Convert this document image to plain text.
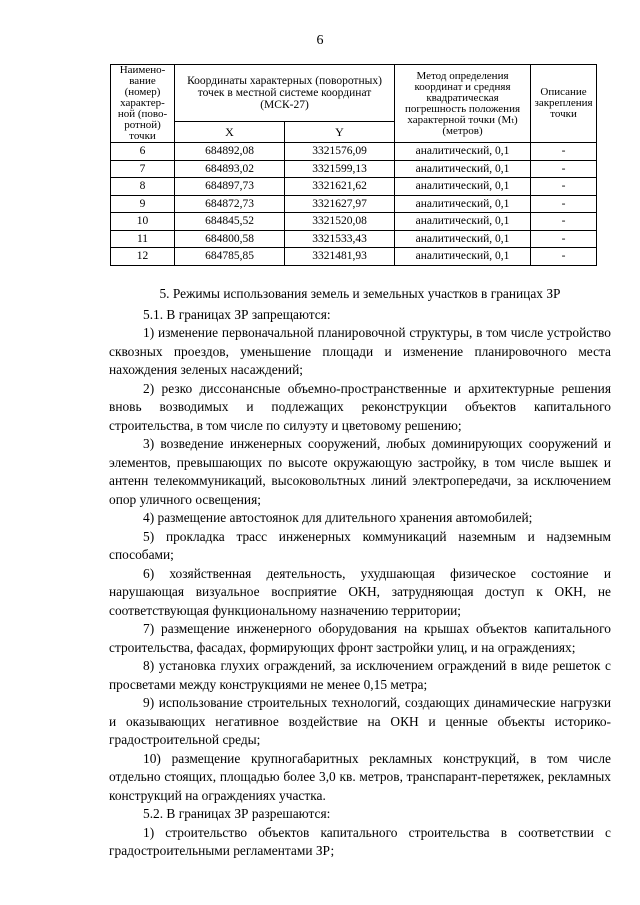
6
Наимено-вание (номер) характер-ной (пово-ротной) точки	Координаты характерных (поворотных) точек в местной системе координат (МСК-27)		Метод определения координат и средняя квадратическая погрешность положения характерной точки (Mₜ) (метров)	Описание закрепления точки
	X	Y		
6	684892,08	3321576,09	аналитический, 0,1	-
7	684893,02	3321599,13	аналитический, 0,1	-
8	684897,73	3321621,62	аналитический, 0,1	-
9	684872,73	3321627,97	аналитический, 0,1	-
10	684845,52	3321520,08	аналитический, 0,1	-
11	684800,58	3321533,43	аналитический, 0,1	-
12	684785,85	3321481,93	аналитический, 0,1	-

5. Режимы использования земель и земельных участков в границах ЗР

5.1. В границах ЗР запрещаются:

1) изменение первоначальной планировочной структуры, в том числе устройство сквозных проездов, уменьшение площади и изменение планировочного места нахождения зеленых насаждений;

2) резко диссонансные объемно-пространственные и архитектурные решения вновь возводимых и подлежащих реконструкции объектов капитального строительства, в том числе по силуэту и цветовому решению;

3) возведение инженерных сооружений, любых доминирующих сооружений и элементов, превышающих по высоте окружающую застройку, в том числе вышек и антенн телекоммуникаций, высоковольтных линий электропередачи, за исключением опор уличного освещения;

4) размещение автостоянок для длительного хранения автомобилей;

5) прокладка трасс инженерных коммуникаций наземным и надземным способами;

6) хозяйственная деятельность, ухудшающая физическое состояние и нарушающая визуальное восприятие ОКН, затрудняющая доступ к ОКН, не соответствующая функциональному назначению территории;

7) размещение инженерного оборудования на крышах объектов капитального строительства, фасадах, формирующих фронт застройки улиц, и на ограждениях;

8) установка глухих ограждений, за исключением ограждений в виде решеток с просветами между конструкциями не менее 0,15 метра;

9) использование строительных технологий, создающих динамические нагрузки и оказывающих негативное воздействие на ОКН и ценные объекты историко-градостроительной среды;

10) размещение крупногабаритных рекламных конструкций, в том числе отдельно стоящих, площадью более 3,0 кв. метров, транспарант-перетяжек, рекламных конструкций на ограждениях участка.

5.2. В границах ЗР разрешаются:

1) строительство объектов капитального строительства в соответствии с градостроительными регламентами ЗР;
